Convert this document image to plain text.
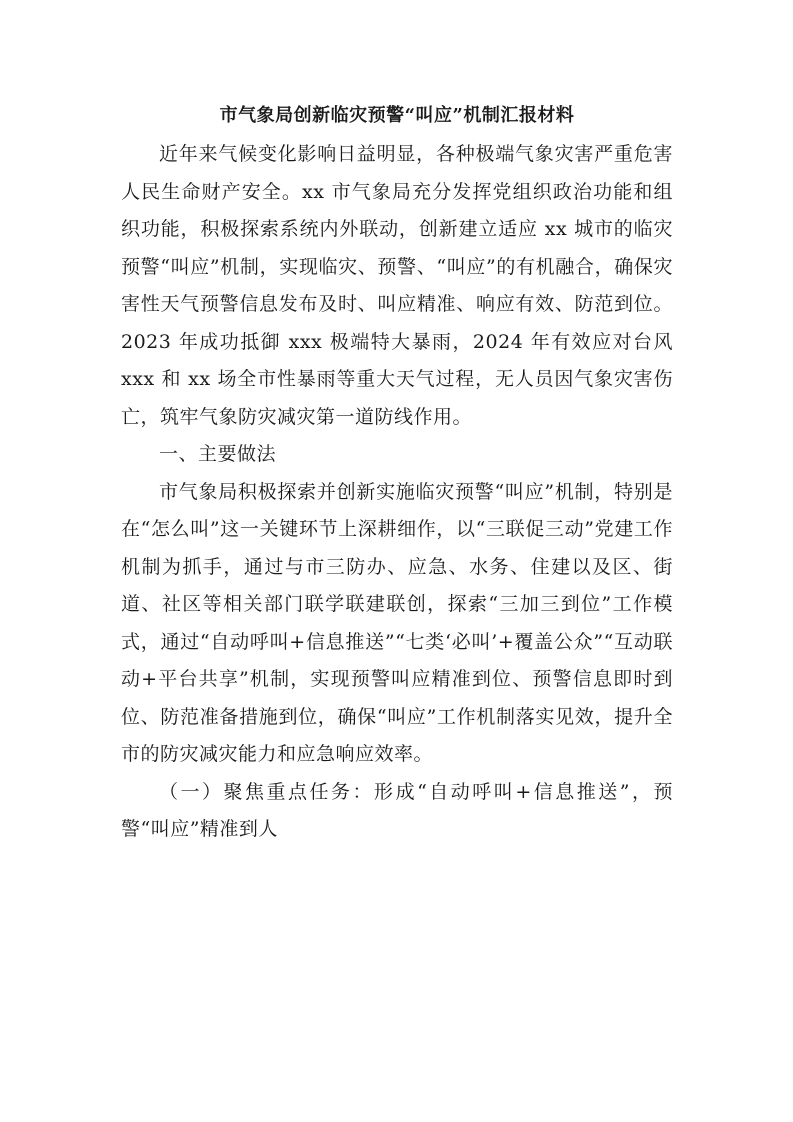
市气象局创新临灾预警“叫应”机制汇报材料

近年来气候变化影响日益明显，各种极端气象灾害严重危害人民生命财产安全。xx 市气象局充分发挥党组织政治功能和组织功能，积极探索系统内外联动，创新建立适应 xx 城市的临灾预警“叫应”机制，实现临灾、预警、“叫应”的有机融合，确保灾害性天气预警信息发布及时、叫应精准、响应有效、防范到位。2023 年成功抵御 xxx 极端特大暴雨，2024 年有效应对台风 xxx 和 xx 场全市性暴雨等重大天气过程，无人员因气象灾害伤亡，筑牢气象防灾减灾第一道防线作用。

一、主要做法

市气象局积极探索并创新实施临灾预警“叫应”机制，特别是在“怎么叫”这一关键环节上深耕细作，以“三联促三动”党建工作机制为抓手，通过与市三防办、应急、水务、住建以及区、街道、社区等相关部门联学联建联创，探索“三加三到位”工作模式，通过“自动呼叫+信息推送”“七类‘必叫’+覆盖公众”“互动联动+平台共享”机制，实现预警叫应精准到位、预警信息即时到位、防范准备措施到位，确保“叫应”工作机制落实见效，提升全市的防灾减灾能力和应急响应效率。

（一）聚焦重点任务：形成“自动呼叫+信息推送”，预警“叫应”精准到人
